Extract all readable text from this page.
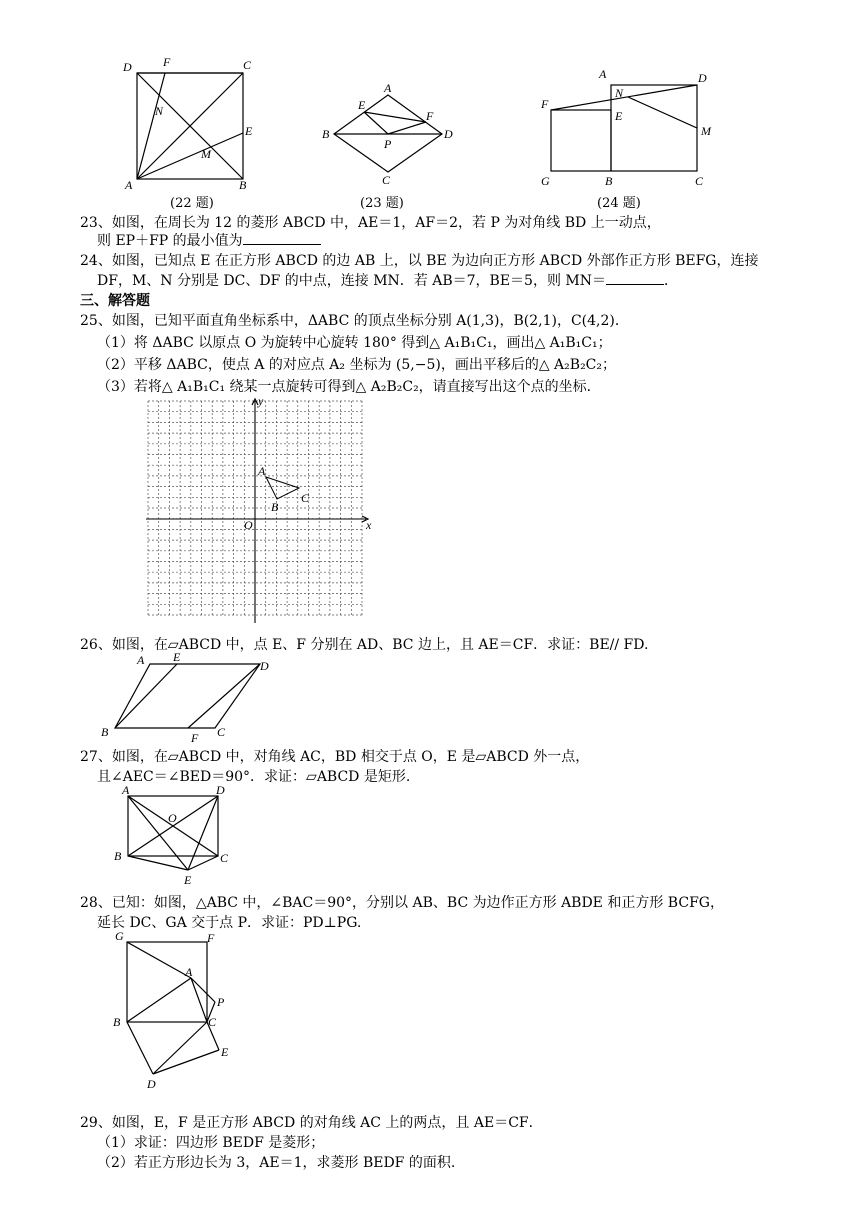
D	F	C
N
E
M
A	B
(22 题)
A
E
F
B	D
P
C
(23 题)
A	D
F
N
E
M
G	B	C
(24 题)
23、如图，在周长为 12 的菱形 ABCD 中，AE＝1，AF＝2，若 P 为对角线 BD 上一动点，
则 EP＋FP 的最小值为
24、如图，已知点 E 在正方形 ABCD 的边 AB 上，以 BE 为边向正方形 ABCD 外部作正方形 BEFG，连接
DF，M、N 分别是 DC、DF 的中点，连接 MN．若 AB＝7，BE＝5，则 MN＝	．
三、解答题
25、如图，已知平面直角坐标系中，ΔABC 的顶点坐标分别 A(1,3)，B(2,1)，C(4,2)．
（1）将 ΔABC 以原点 O 为旋转中心旋转 180° 得到△ A₁B₁C₁，画出△ A₁B₁C₁；
（2）平移 ΔABC，使点 A 的对应点 A₂ 坐标为 (5,−5)，画出平移后的△ A₂B₂C₂；
（3）若将△ A₁B₁C₁ 绕某一点旋转可得到△ A₂B₂C₂，请直接写出这个点的坐标．
y
x
O
A
B
C
26、如图，在▱ABCD 中，点 E、F 分别在 AD、BC 边上，且 AE＝CF．求证：BE// FD.
A E
D
B	F C
27、如图，在▱ABCD 中，对角线 AC，BD 相交于点 O，E 是▱ABCD 外一点，
且∠AEC＝∠BED＝90°．求证：▱ABCD 是矩形.
A	D
O
B	C
E
28、已知：如图，△ABC 中，∠BAC＝90°，分别以 AB、BC 为边作正方形 ABDE 和正方形 BCFG，
延长 DC、GA 交于点 P．求证：PD⊥PG.
G	F
A
P
B	C
E
D
29、如图，E，F 是正方形 ABCD 的对角线 AC 上的两点，且 AE＝CF．
（1）求证：四边形 BEDF 是菱形；
（2）若正方形边长为 3，AE＝1，求菱形 BEDF 的面积.
